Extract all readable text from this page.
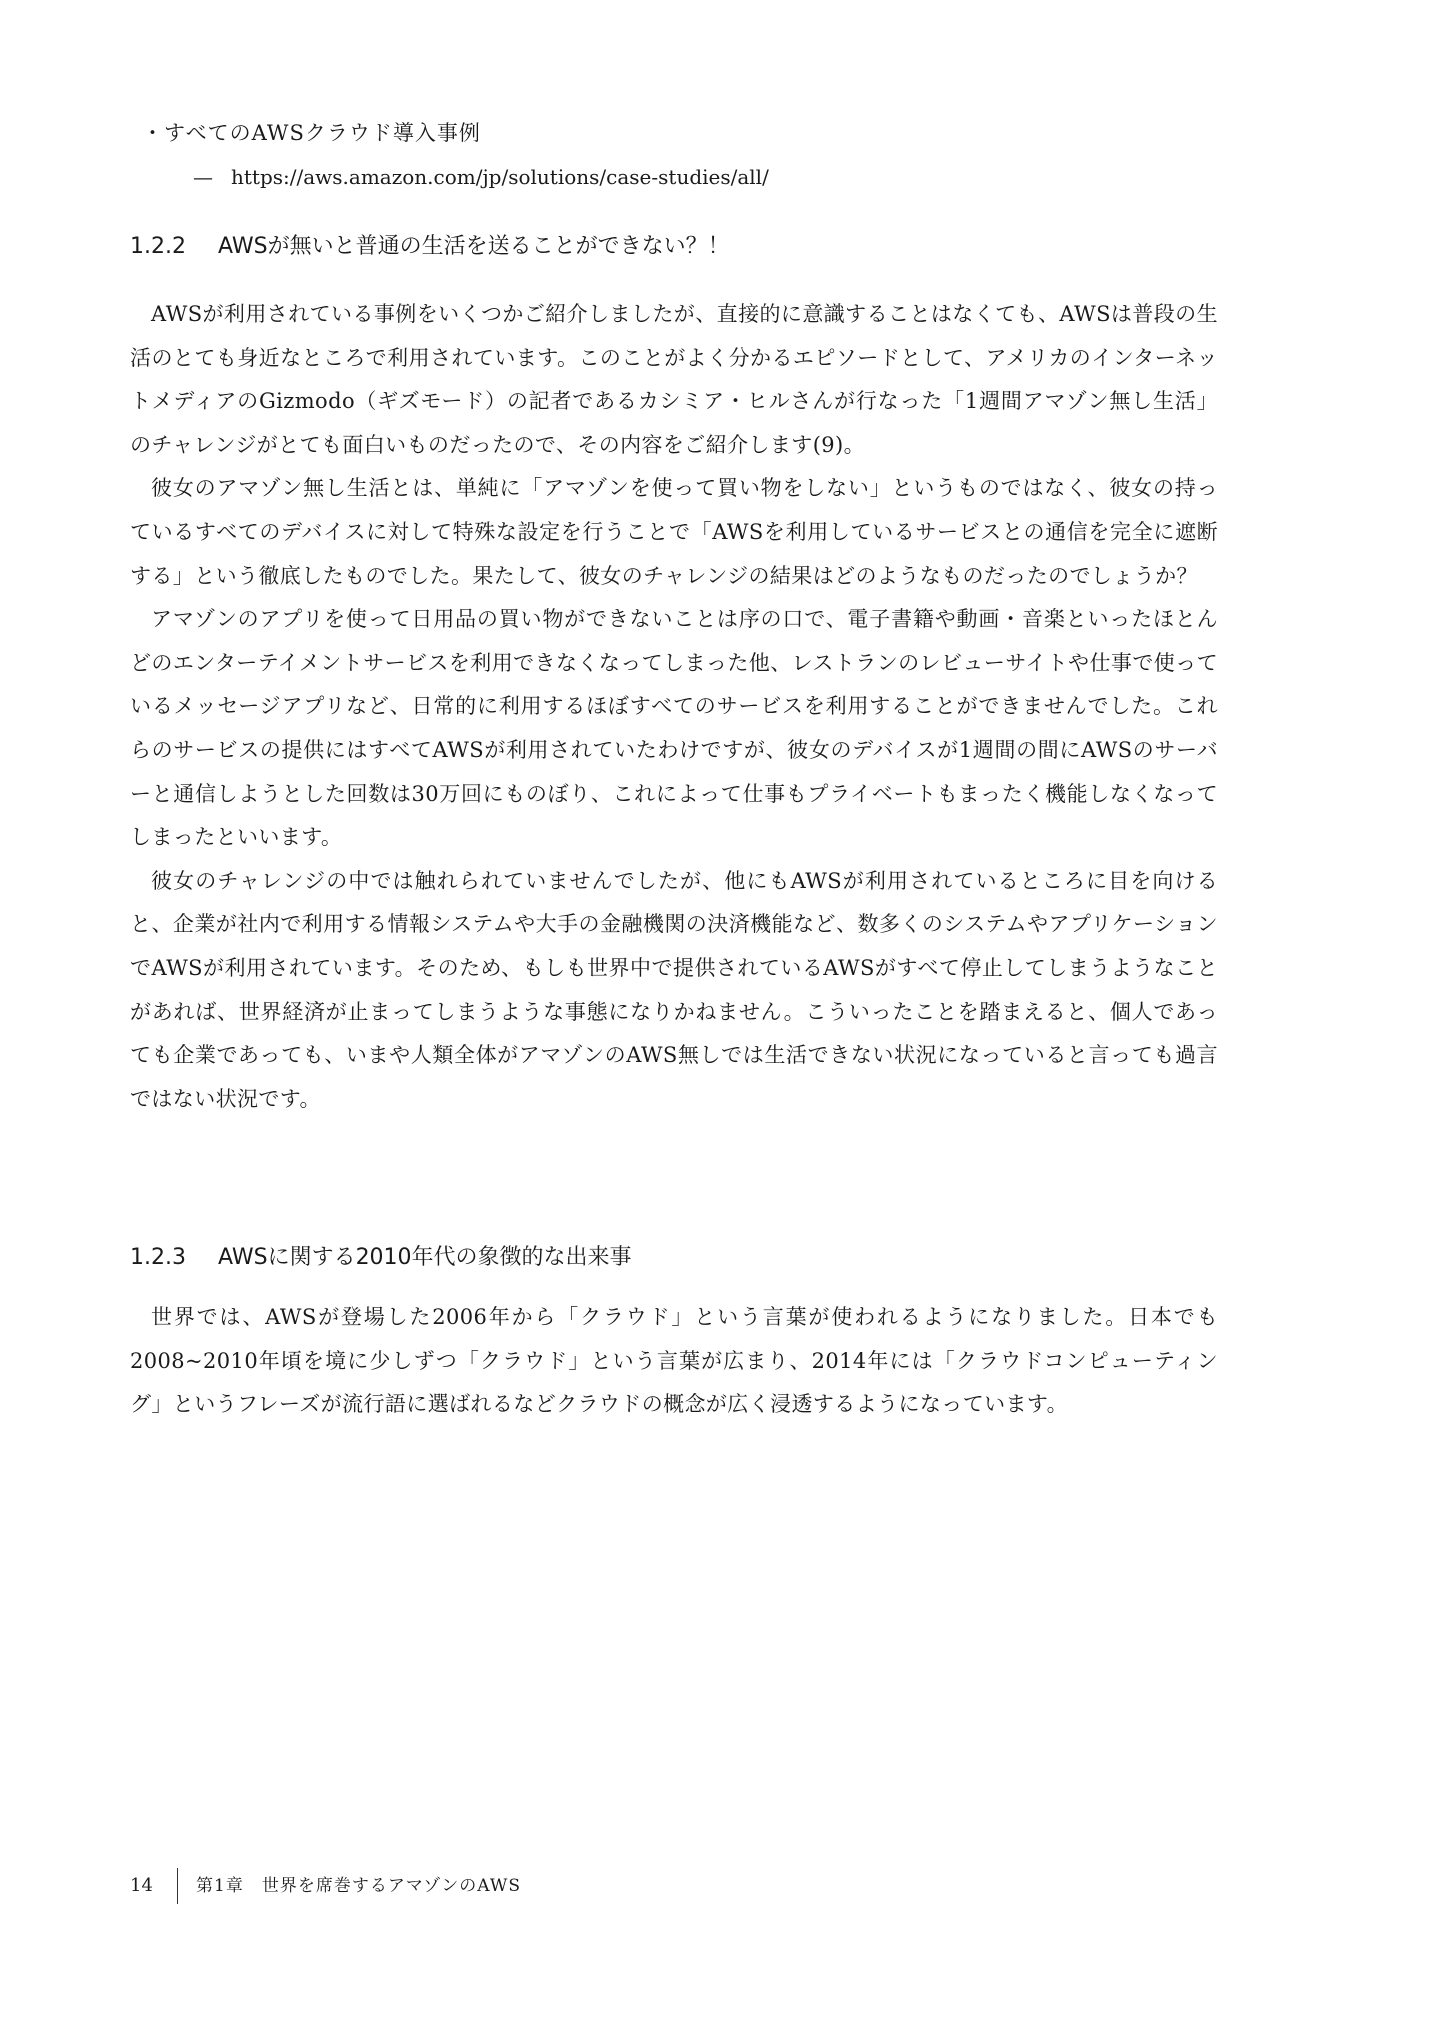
・すべてのAWSクラウド導入事例
— https://aws.amazon.com/jp/solutions/case-studies/all/
1.2.2 AWSが無いと普通の生活を送ることができない？！

AWSが利用されている事例をいくつかご紹介しましたが、直接的に意識することはなくても、AWSは普段の生活のとても身近なところで利用されています。このことがよく分かるエピソードとして、アメリカのインターネットメディアのGizmodo（ギズモード）の記者であるカシミア・ヒルさんが行なった「1週間アマゾン無し生活」のチャレンジがとても面白いものだったので、その内容をご紹介します(9)。

彼女のアマゾン無し生活とは、単純に「アマゾンを使って買い物をしない」というものではなく、彼女の持っているすべてのデバイスに対して特殊な設定を行うことで「AWSを利用しているサービスとの通信を完全に遮断する」という徹底したものでした。果たして、彼女のチャレンジの結果はどのようなものだったのでしょうか？

アマゾンのアプリを使って日用品の買い物ができないことは序の口で、電子書籍や動画・音楽といったほとんどのエンターテイメントサービスを利用できなくなってしまった他、レストランのレビューサイトや仕事で使っているメッセージアプリなど、日常的に利用するほぼすべてのサービスを利用することができませんでした。これらのサービスの提供にはすべてAWSが利用されていたわけですが、彼女のデバイスが1週間の間にAWSのサーバーと通信しようとした回数は30万回にものぼり、これによって仕事もプライベートもまったく機能しなくなってしまったといいます。

彼女のチャレンジの中では触れられていませんでしたが、他にもAWSが利用されているところに目を向けると、企業が社内で利用する情報システムや大手の金融機関の決済機能など、数多くのシステムやアプリケーションでAWSが利用されています。そのため、もしも世界中で提供されているAWSがすべて停止してしまうようなことがあれば、世界経済が止まってしまうような事態になりかねません。こういったことを踏まえると、個人であっても企業であっても、いまや人類全体がアマゾンのAWS無しでは生活できない状況になっていると言っても過言ではない状況です。

1.2.3 AWSに関する2010年代の象徴的な出来事

世界では、AWSが登場した2006年から「クラウド」という言葉が使われるようになりました。日本でも2008~2010年頃を境に少しずつ「クラウド」という言葉が広まり、2014年には「クラウドコンピューティング」というフレーズが流行語に選ばれるなどクラウドの概念が広く浸透するようになっています。

14	第1章　世界を席巻するアマゾンのAWS
